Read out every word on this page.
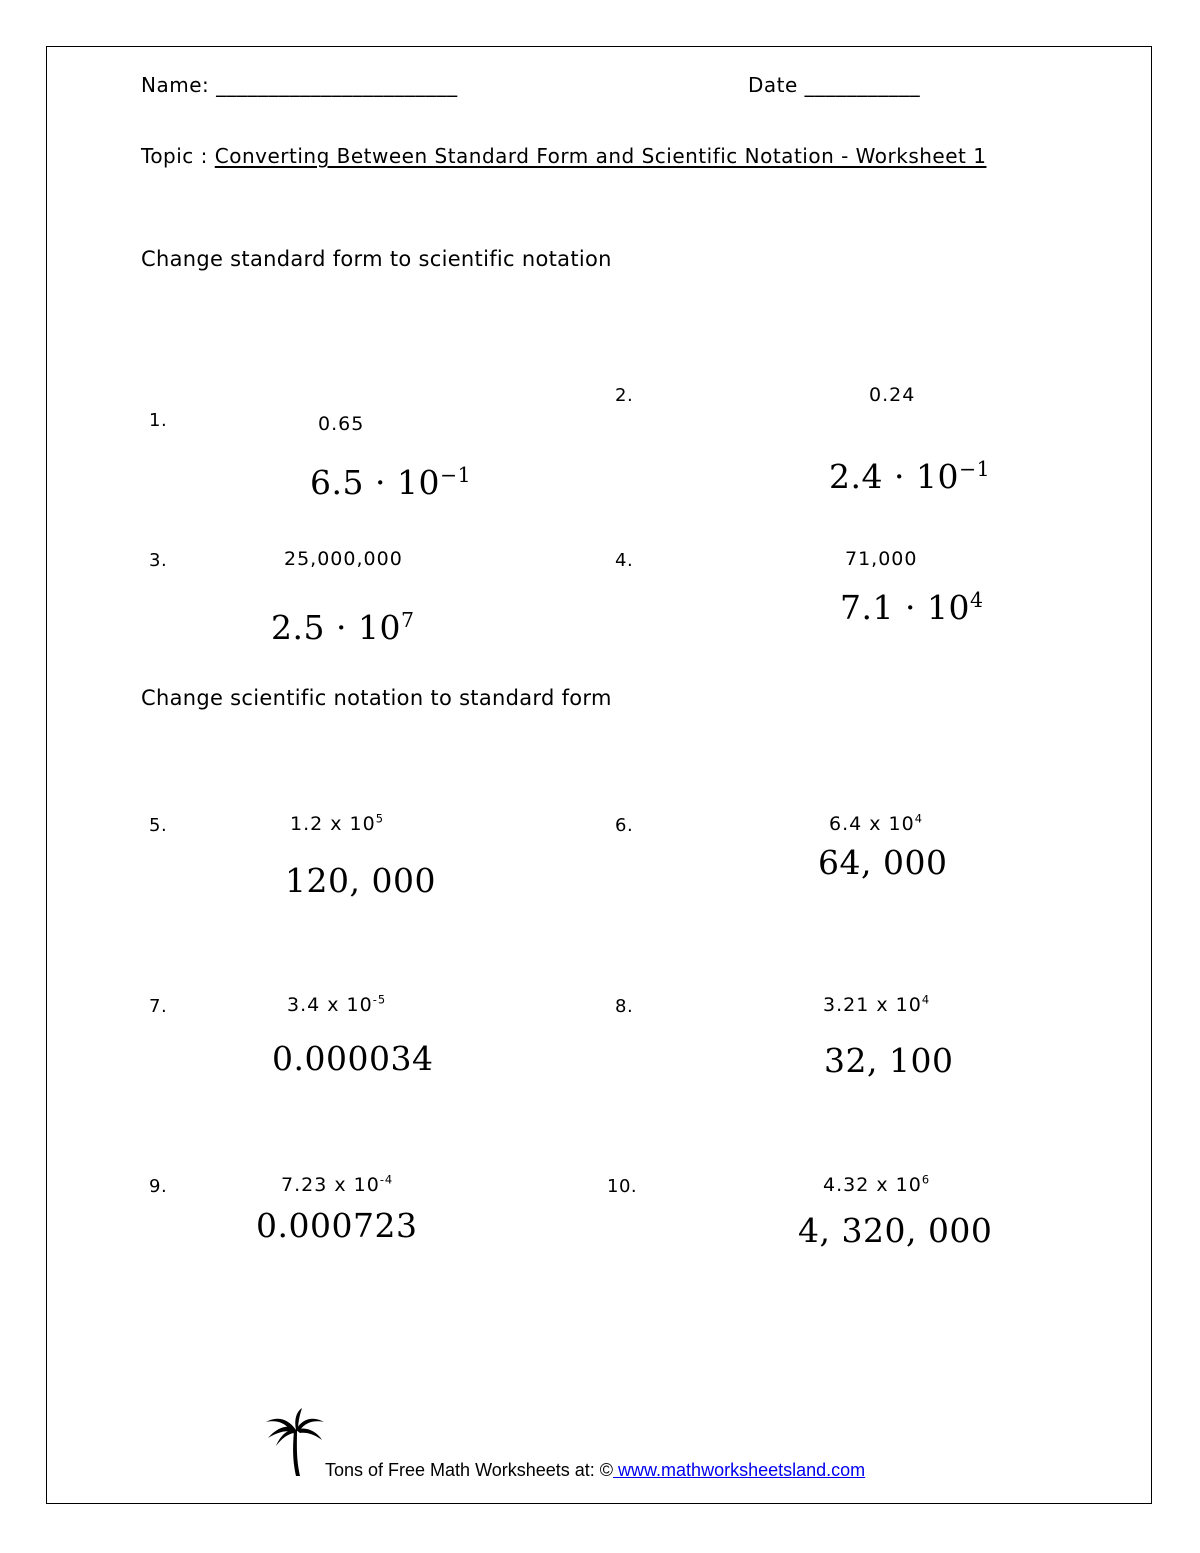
Name: _______________________	Date ___________
Topic : Converting Between Standard Form and Scientific Notation - Worksheet 1
Change standard form to scientific notation
1.	0.65
$6.5 \cdot 10^{-1}$
2.	0.24
$2.4 \cdot 10^{-1}$
3.	25,000,000
$2.5 \cdot 10^7$
4.	71,000
$7.1 \cdot 10^4$
Change scientific notation to standard form
5.	1.2 x $10^5$
120, 000
6.	6.4 x $10^4$
64, 000
7.	3.4 x $10^{-5}$
0.000034
8.	3.21 x $10^4$
32, 100
9.	7.23 x $10^{-4}$
0.000723
10.	4.32 x $10^6$
4, 320, 000
Tons of Free Math Worksheets at: © www.mathworksheetsland.com
